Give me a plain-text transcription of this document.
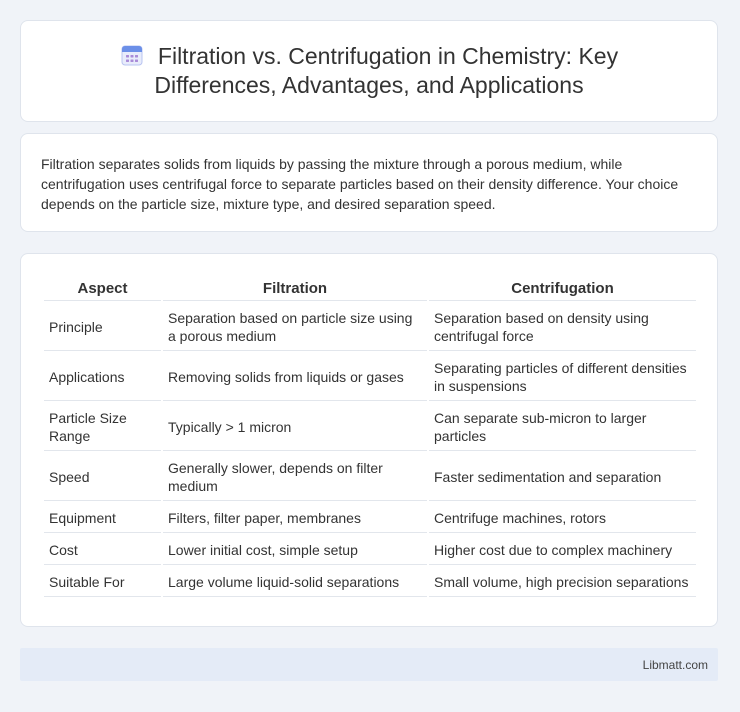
Filtration vs. Centrifugation in Chemistry: Key Differences, Advantages, and Applications

Filtration separates solids from liquids by passing the mixture through a porous medium, while centrifugation uses centrifugal force to separate particles based on their density difference. Your choice depends on the particle size, mixture type, and desired separation speed.

Aspect	Filtration	Centrifugation
Principle	Separation based on particle size using a porous medium	Separation based on density using centrifugal force
Applications	Removing solids from liquids or gases	Separating particles of different densities in suspensions
Particle Size Range	Typically > 1 micron	Can separate sub-micron to larger particles
Speed	Generally slower, depends on filter medium	Faster sedimentation and separation
Equipment	Filters, filter paper, membranes	Centrifuge machines, rotors
Cost	Lower initial cost, simple setup	Higher cost due to complex machinery
Suitable For	Large volume liquid-solid separations	Small volume, high precision separations
Libmatt.com
